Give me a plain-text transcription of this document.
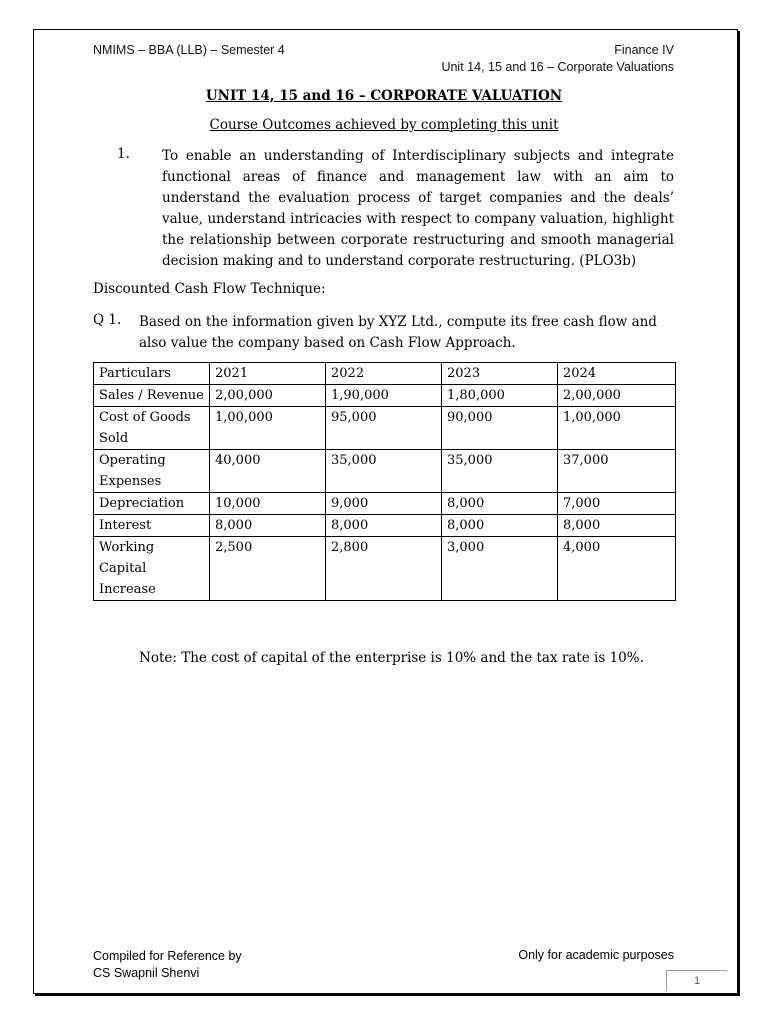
NMIMS – BBA (LLB) – Semester 4	Finance IV
Unit 14, 15 and 16 – Corporate Valuations
UNIT 14, 15 and 16 – CORPORATE VALUATION
Course Outcomes achieved by completing this unit
1. To enable an understanding of Interdisciplinary subjects and integrate functional areas of finance and management law with an aim to understand the evaluation process of target companies and the deals’ value, understand intricacies with respect to company valuation, highlight the relationship between corporate restructuring and smooth managerial decision making and to understand corporate restructuring. (PLO3b)
Discounted Cash Flow Technique:
Q 1. Based on the information given by XYZ Ltd., compute its free cash flow and also value the company based on Cash Flow Approach.
Particulars	2021	2022	2023	2024
Sales / Revenue	2,00,000	1,90,000	1,80,000	2,00,000
Cost of Goods Sold	1,00,000	95,000	90,000	1,00,000
Operating Expenses	40,000	35,000	35,000	37,000
Depreciation	10,000	9,000	8,000	7,000
Interest	8,000	8,000	8,000	8,000
Working Capital Increase	2,500	2,800	3,000	4,000
Note: The cost of capital of the enterprise is 10% and the tax rate is 10%.
Compiled for Reference by
CS Swapnil Shenvi
Only for academic purposes
1
